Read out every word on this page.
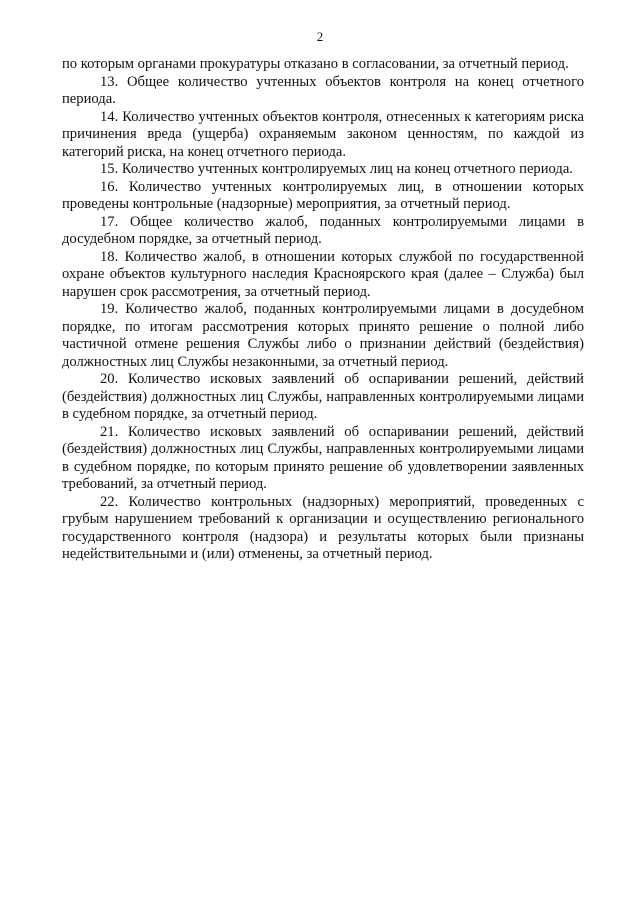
2

по которым органами прокуратуры отказано в согласовании, за отчетный период.

13. Общее количество учтенных объектов контроля на конец отчетного периода.

14. Количество учтенных объектов контроля, отнесенных к категориям риска причинения вреда (ущерба) охраняемым законом ценностям, по каждой из категорий риска, на конец отчетного периода.

15. Количество учтенных контролируемых лиц на конец отчетного периода.

16. Количество учтенных контролируемых лиц, в отношении которых проведены контрольные (надзорные) мероприятия, за отчетный период.

17. Общее количество жалоб, поданных контролируемыми лицами в досудебном порядке, за отчетный период.

18. Количество жалоб, в отношении которых службой по государственной охране объектов культурного наследия Красноярского края (далее – Служба) был нарушен срок рассмотрения, за отчетный период.

19. Количество жалоб, поданных контролируемыми лицами в досудебном порядке, по итогам рассмотрения которых принято решение о полной либо частичной отмене решения Службы либо о признании действий (бездействия) должностных лиц Службы незаконными, за отчетный период.

20. Количество исковых заявлений об оспаривании решений, действий (бездействия) должностных лиц Службы, направленных контролируемыми лицами в судебном порядке, за отчетный период.

21. Количество исковых заявлений об оспаривании решений, действий (бездействия) должностных лиц Службы, направленных контролируемыми лицами в судебном порядке, по которым принято решение об удовлетворении заявленных требований, за отчетный период.

22. Количество контрольных (надзорных) мероприятий, проведенных с грубым нарушением требований к организации и осуществлению регионального государственного контроля (надзора) и результаты которых были признаны недействительными и (или) отменены, за отчетный период.
